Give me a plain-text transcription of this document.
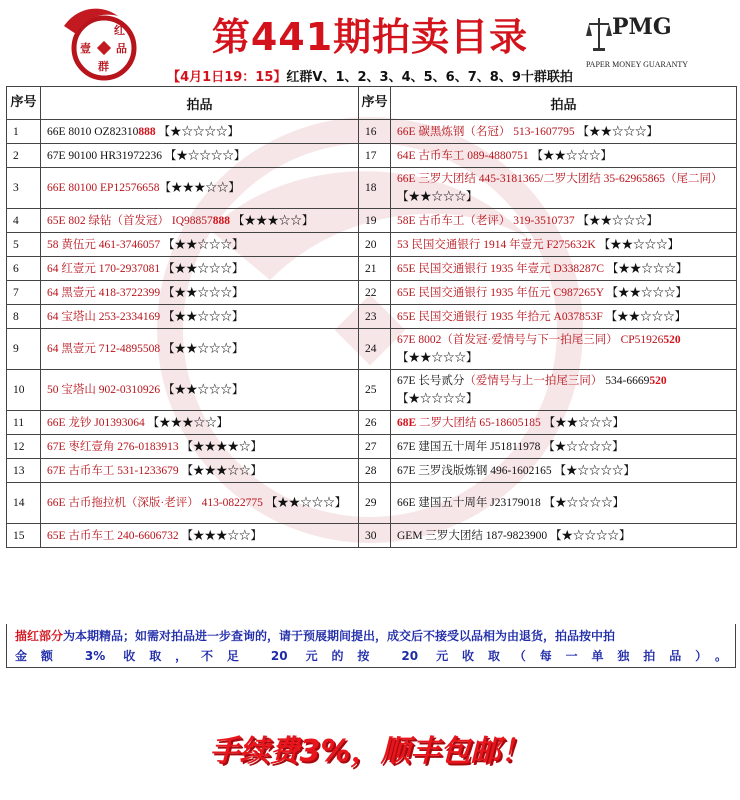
红
壹 品
群
第441期拍卖目录	PMG
PAPER MONEY GUARANTY
【4月1日19：15】红群V、1、2、3、4、5、6、7、8、9十群联拍
序号	拍品	序号	拍品
1	66E 8010 OZ82310888 【★☆☆☆☆】	16	66E 碳黑炼钢（名冠） 513-1607795 【★★☆☆☆】
2	67E 90100 HR31972236 【★☆☆☆☆】	17	64E 古币车工 089-4880751 【★★☆☆☆】
3	66E 80100 EP12576658【★★★☆☆】	18	66E 三罗大团结 445-3181365/二罗大团结 35-62965865（尾二同）【★★☆☆☆】
4	65E 802 绿钻（首发冠） IQ98857888 【★★★☆☆】	19	58E 古币车工（老评） 319-3510737 【★★☆☆☆】
5	58 黄伍元 461-3746057 【★★☆☆☆】	20	53 民国交通银行 1914 年壹元 F275632K 【★★☆☆☆】
6	64 红壹元 170-2937081 【★★☆☆☆】	21	65E 民国交通银行 1935 年壹元 D338287C 【★★☆☆☆】
7	64 黑壹元 418-3722399 【★★☆☆☆】	22	65E 民国交通银行 1935 年伍元 C987265Y 【★★☆☆☆】
8	64 宝塔山 253-2334169 【★★☆☆☆】	23	65E 民国交通银行 1935 年拾元 A037853F 【★★☆☆☆】
9	64 黑壹元 712-4895508 【★★☆☆☆】	24	67E 8002（首发冠·爱情号与下一拍尾三同） CP51926520 【★★☆☆☆】
10	50 宝塔山 902-0310926 【★★☆☆☆】	25	67E 长号贰分（爱情号与上一拍尾三同） 534-6669520 【★☆☆☆☆】
11	66E 龙钞 J01393064 【★★★☆☆】	26	68E 二罗大团结 65-18605185 【★★☆☆☆】
12	67E 枣红壹角 276-0183913 【★★★★☆】	27	67E 建国五十周年 J51811978 【★☆☆☆☆】
13	67E 古币车工 531-1233679 【★★★☆☆】	28	67E 三罗浅版炼钢 496-1602165 【★☆☆☆☆】
14	66E 古币拖拉机（深版·老评） 413-0822775 【★★☆☆☆】	29	66E 建国五十周年 J23179018 【★☆☆☆☆】
15	65E 古币车工 240-6606732 【★★★☆☆】	30	GEM 三罗大团结 187-9823900 【★☆☆☆☆】
描红部分为本期精品；如需对拍品进一步查询的，请于预展期间提出，成交后不接受以品相为由退货，拍品按中拍
金额 3% 收取，不足 20 元的按 20 元收取（每一单独拍品）。
手续费3%，顺丰包邮！
